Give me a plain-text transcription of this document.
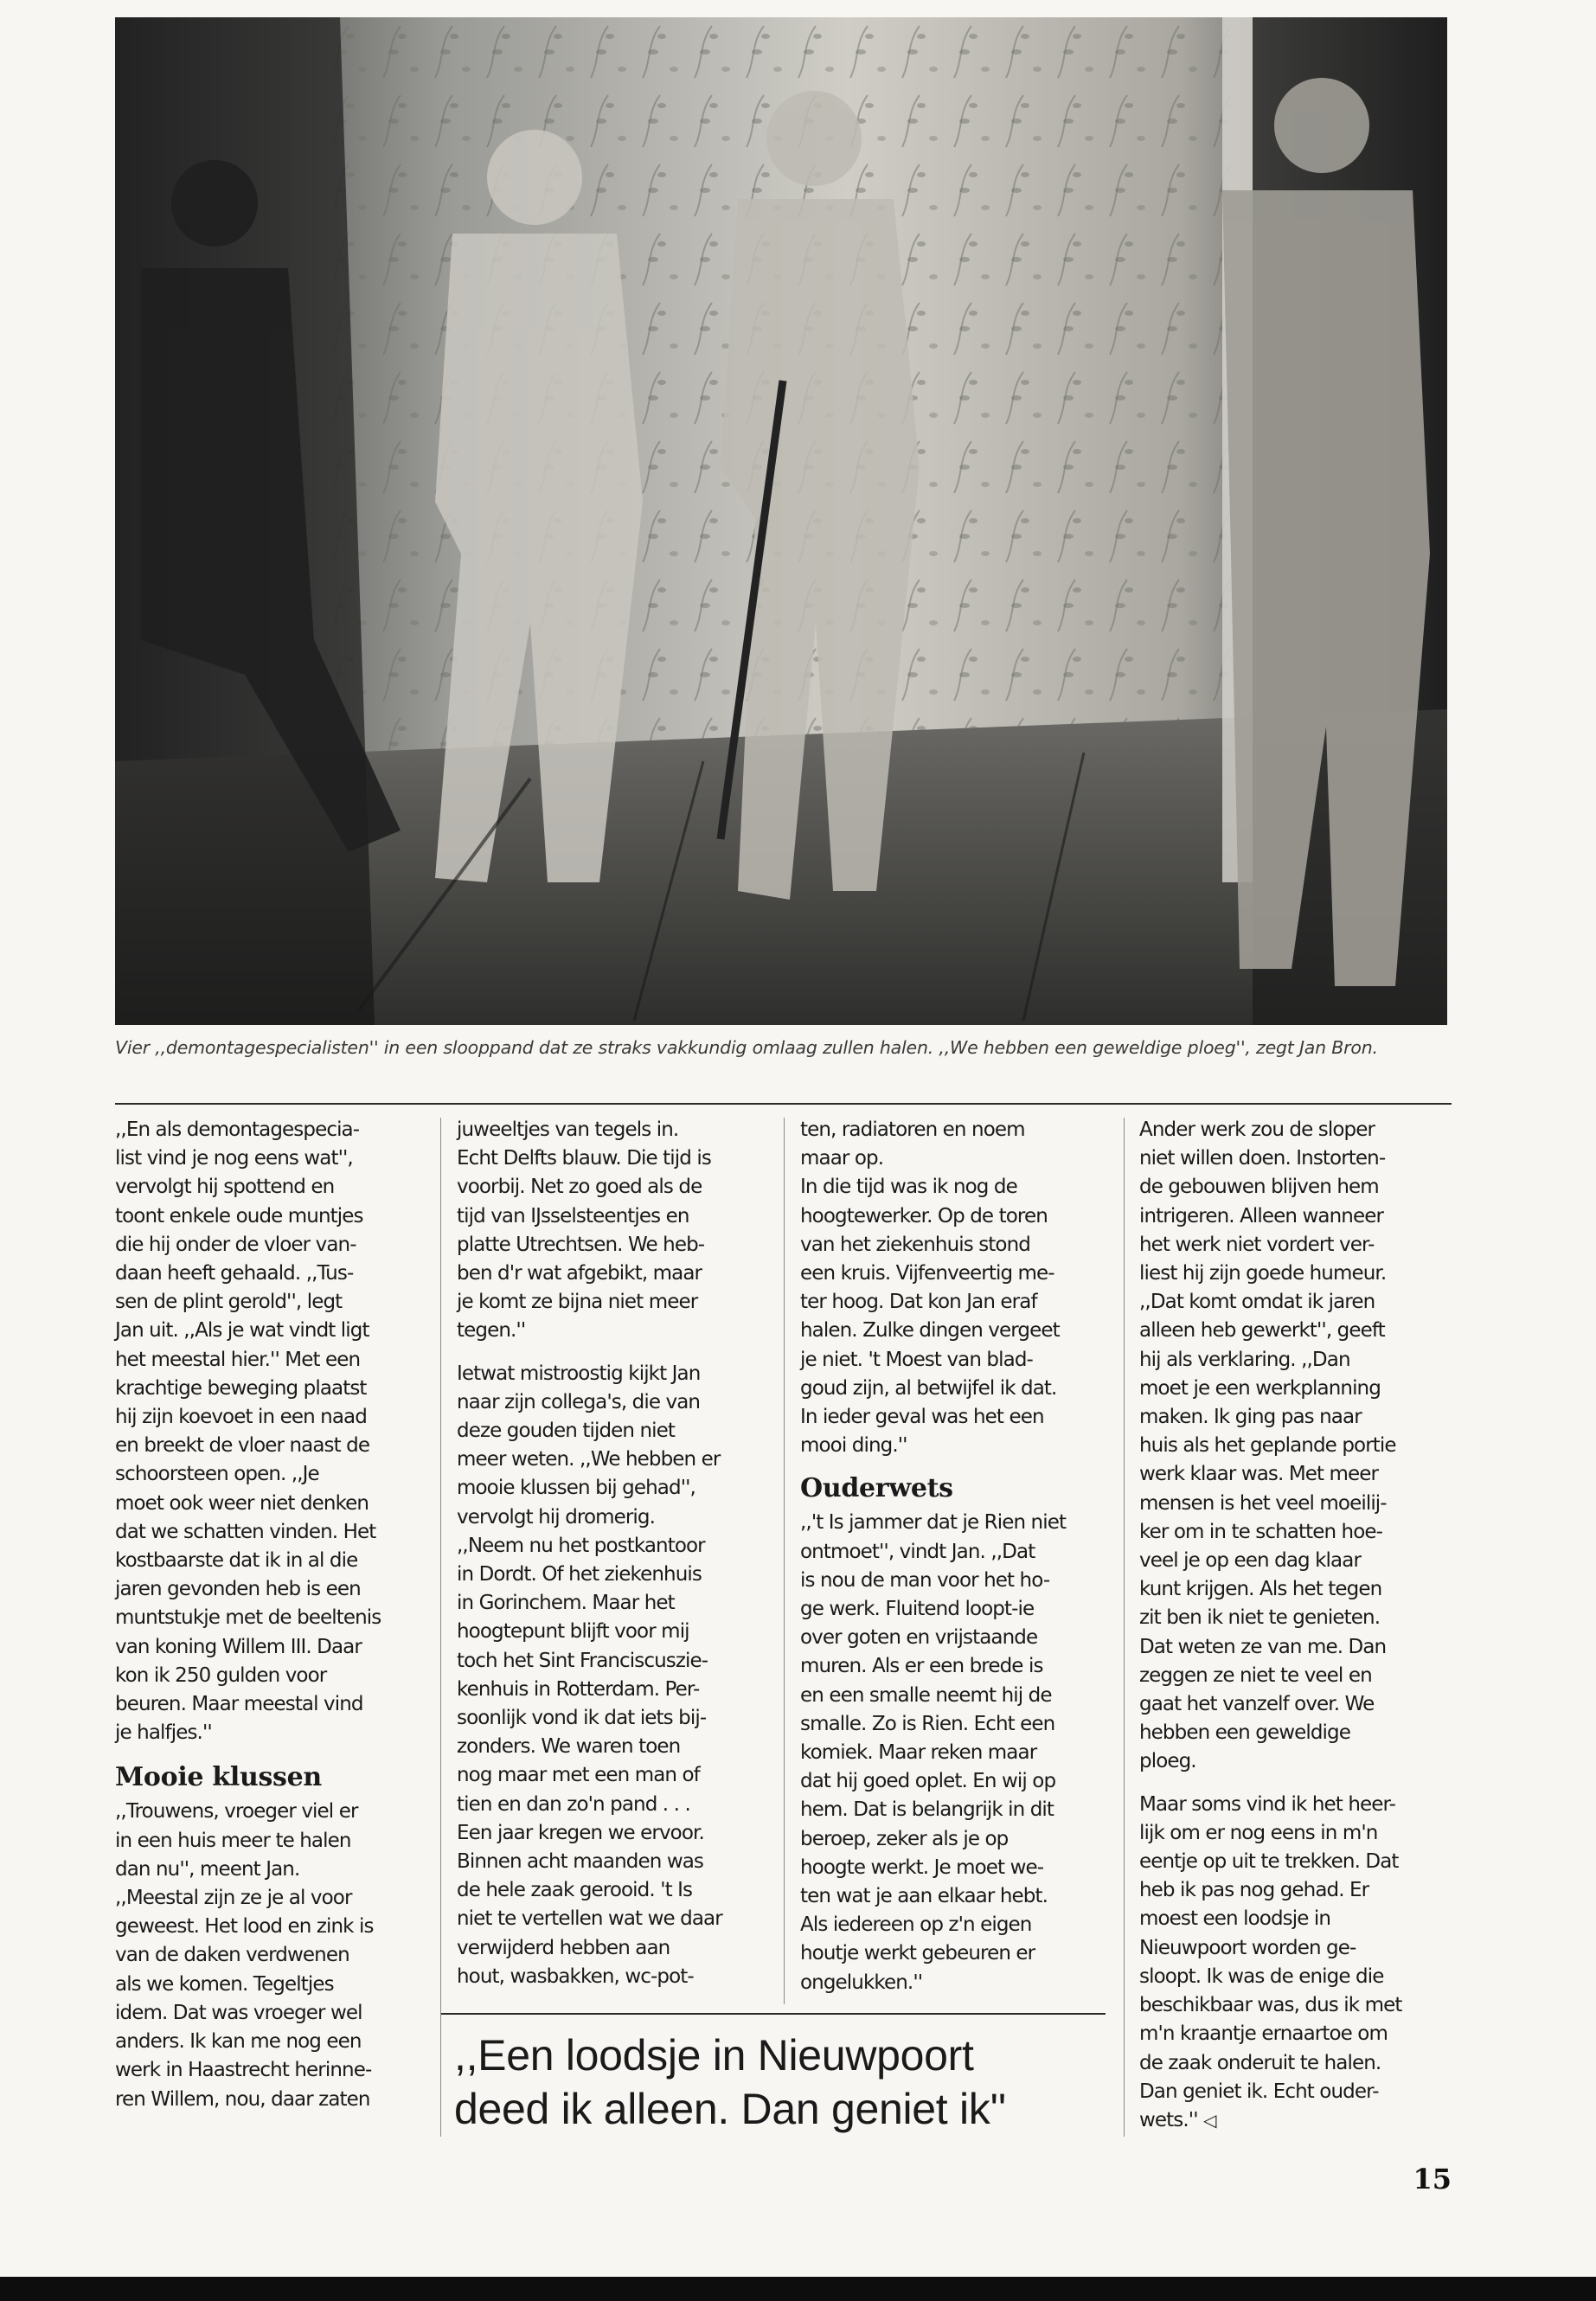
Vier ,,demontagespecialisten'' in een slooppand dat ze straks vakkundig omlaag zullen halen. ,,We hebben een geweldige ploeg'', zegt Jan Bron.

,,En als demontagespecia-
list vind je nog eens wat'',
vervolgt hij spottend en
toont enkele oude muntjes
die hij onder de vloer van-
daan heeft gehaald. ,,Tus-
sen de plint gerold'', legt
Jan uit. ,,Als je wat vindt ligt
het meestal hier.'' Met een
krachtige beweging plaatst
hij zijn koevoet in een naad
en breekt de vloer naast de
schoorsteen open. ,,Je
moet ook weer niet denken
dat we schatten vinden. Het
kostbaarste dat ik in al die
jaren gevonden heb is een
muntstukje met de beeltenis
van koning Willem III. Daar
kon ik 250 gulden voor
beuren. Maar meestal vind
je halfjes.''

Mooie klussen

,,Trouwens, vroeger viel er
in een huis meer te halen
dan nu'', meent Jan.
,,Meestal zijn ze je al voor
geweest. Het lood en zink is
van de daken verdwenen
als we komen. Tegeltjes
idem. Dat was vroeger wel
anders. Ik kan me nog een
werk in Haastrecht herinne-
ren Willem, nou, daar zaten

juweeltjes van tegels in.
Echt Delfts blauw. Die tijd is
voorbij. Net zo goed als de
tijd van IJsselsteentjes en
platte Utrechtsen. We heb-
ben d'r wat afgebikt, maar
je komt ze bijna niet meer
tegen.''

Ietwat mistroostig kijkt Jan
naar zijn collega's, die van
deze gouden tijden niet
meer weten. ,,We hebben er
mooie klussen bij gehad'',
vervolgt hij dromerig.
,,Neem nu het postkantoor
in Dordt. Of het ziekenhuis
in Gorinchem. Maar het
hoogtepunt blijft voor mij
toch het Sint Franciscuszie-
kenhuis in Rotterdam. Per-
soonlijk vond ik dat iets bij-
zonders. We waren toen
nog maar met een man of
tien en dan zo'n pand . . .
Een jaar kregen we ervoor.
Binnen acht maanden was
de hele zaak gerooid. 't Is
niet te vertellen wat we daar
verwijderd hebben aan
hout, wasbakken, wc-pot-

ten, radiatoren en noem
maar op.
In die tijd was ik nog de
hoogtewerker. Op de toren
van het ziekenhuis stond
een kruis. Vijfenveertig me-
ter hoog. Dat kon Jan eraf
halen. Zulke dingen vergeet
je niet. 't Moest van blad-
goud zijn, al betwijfel ik dat.
In ieder geval was het een
mooi ding.''

Ouderwets

,,'t Is jammer dat je Rien niet
ontmoet'', vindt Jan. ,,Dat
is nou de man voor het ho-
ge werk. Fluitend loopt-ie
over goten en vrijstaande
muren. Als er een brede is
en een smalle neemt hij de
smalle. Zo is Rien. Echt een
komiek. Maar reken maar
dat hij goed oplet. En wij op
hem. Dat is belangrijk in dit
beroep, zeker als je op
hoogte werkt. Je moet we-
ten wat je aan elkaar hebt.
Als iedereen op z'n eigen
houtje werkt gebeuren er
ongelukken.''

Ander werk zou de sloper
niet willen doen. Instorten-
de gebouwen blijven hem
intrigeren. Alleen wanneer
het werk niet vordert ver-
liest hij zijn goede humeur.
,,Dat komt omdat ik jaren
alleen heb gewerkt'', geeft
hij als verklaring. ,,Dan
moet je een werkplanning
maken. Ik ging pas naar
huis als het geplande portie
werk klaar was. Met meer
mensen is het veel moeilij-
ker om in te schatten hoe-
veel je op een dag klaar
kunt krijgen. Als het tegen
zit ben ik niet te genieten.
Dat weten ze van me. Dan
zeggen ze niet te veel en
gaat het vanzelf over. We
hebben een geweldige
ploeg.

Maar soms vind ik het heer-
lijk om er nog eens in m'n
eentje op uit te trekken. Dat
heb ik pas nog gehad. Er
moest een loodsje in
Nieuwpoort worden ge-
sloopt. Ik was de enige die
beschikbaar was, dus ik met
m'n kraantje ernaartoe om
de zaak onderuit te halen.
Dan geniet ik. Echt ouder-
wets.'' ◁

,,Een loodsje in Nieuwpoort
deed ik alleen. Dan geniet ik''
15
